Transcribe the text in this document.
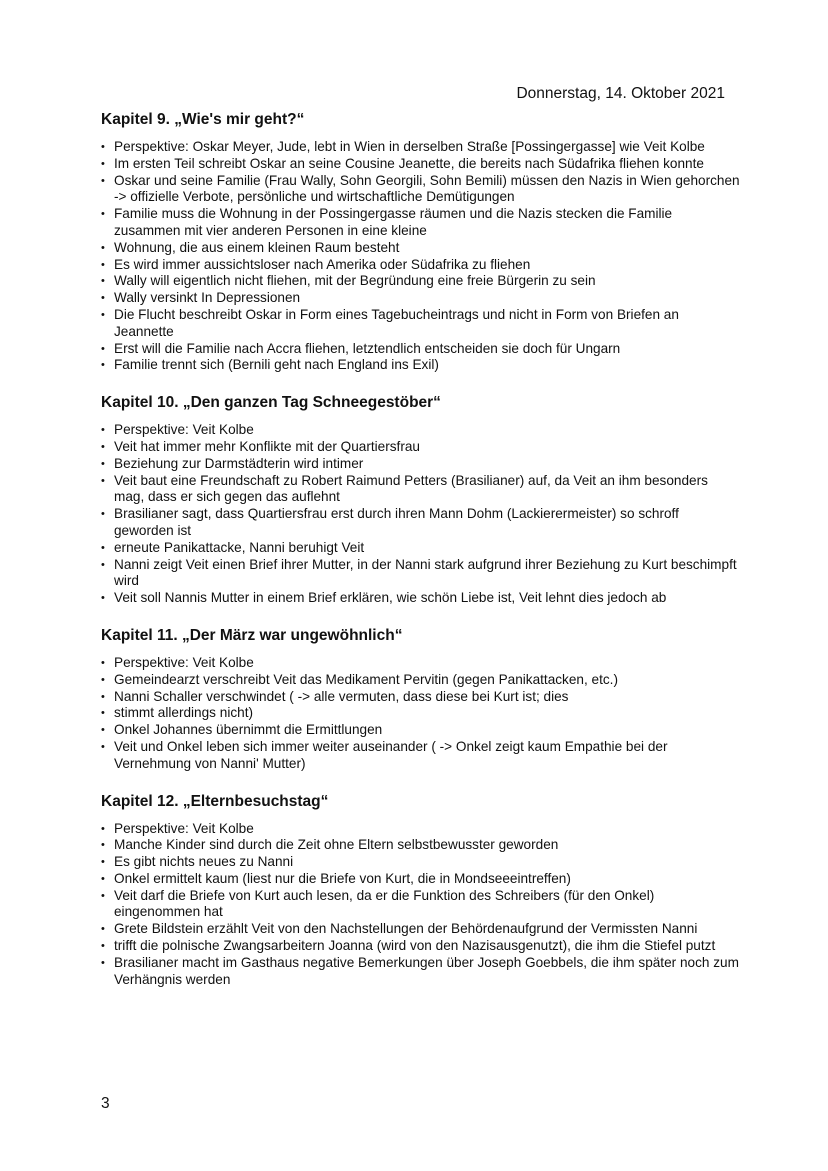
Donnerstag, 14. Oktober 2021
Kapitel 9. „Wie's mir geht?“
• Perspektive: Oskar Meyer, Jude, lebt in Wien in derselben Straße [Possingergasse] wie Veit Kolbe
• Im ersten Teil schreibt Oskar an seine Cousine Jeanette, die bereits nach Südafrika fliehen konnte
• Oskar und seine Familie (Frau Wally, Sohn Georgili, Sohn Bemili) müssen den Nazis in Wien gehorchen -> offizielle Verbote, persönliche und wirtschaftliche Demütigungen
• Familie muss die Wohnung in der Possingergasse räumen und die Nazis stecken die Familie zusammen mit vier anderen Personen in eine kleine
• Wohnung, die aus einem kleinen Raum besteht
• Es wird immer aussichtsloser nach Amerika oder Südafrika zu fliehen
• Wally will eigentlich nicht fliehen, mit der Begründung eine freie Bürgerin zu sein
• Wally versinkt In Depressionen
• Die Flucht beschreibt Oskar in Form eines Tagebucheintrags und nicht in Form von Briefen an Jeannette
• Erst will die Familie nach Accra fliehen, letztendlich entscheiden sie doch für Ungarn
• Familie trennt sich (Bernili geht nach England ins Exil)
Kapitel 10. „Den ganzen Tag Schneegestöber“
• Perspektive: Veit Kolbe
• Veit hat immer mehr Konflikte mit der Quartiersfrau
• Beziehung zur Darmstädterin wird intimer
• Veit baut eine Freundschaft zu Robert Raimund Petters (Brasilianer) auf, da Veit an ihm besonders mag, dass er sich gegen das auflehnt
• Brasilianer sagt, dass Quartiersfrau erst durch ihren Mann Dohm (Lackierermeister) so schroff geworden ist
• erneute Panikattacke, Nanni beruhigt Veit
• Nanni zeigt Veit einen Brief ihrer Mutter, in der Nanni stark aufgrund ihrer Beziehung zu Kurt beschimpft wird
• Veit soll Nannis Mutter in einem Brief erklären, wie schön Liebe ist, Veit lehnt dies jedoch ab
Kapitel 11. „Der März war ungewöhnlich“
• Perspektive: Veit Kolbe
• Gemeindearzt verschreibt Veit das Medikament Pervitin (gegen Panikattacken, etc.)
• Nanni Schaller verschwindet ( -> alle vermuten, dass diese bei Kurt ist; dies
• stimmt allerdings nicht)
• Onkel Johannes übernimmt die Ermittlungen
• Veit und Onkel leben sich immer weiter auseinander ( -> Onkel zeigt kaum Empathie bei der Vernehmung von Nanni' Mutter)
Kapitel 12. „Elternbesuchstag“
• Perspektive: Veit Kolbe
• Manche Kinder sind durch die Zeit ohne Eltern selbstbewusster geworden
• Es gibt nichts neues zu Nanni
• Onkel ermittelt kaum (liest nur die Briefe von Kurt, die in Mondseeeintreffen)
• Veit darf die Briefe von Kurt auch lesen, da er die Funktion des Schreibers (für den Onkel) eingenommen hat
• Grete Bildstein erzählt Veit von den Nachstellungen der Behördenaufgrund der Vermissten Nanni
• trifft die polnische Zwangsarbeitern Joanna (wird von den Nazisausgenutzt), die ihm die Stiefel putzt
• Brasilianer macht im Gasthaus negative Bemerkungen über Joseph Goebbels, die ihm später noch zum Verhängnis werden
3
